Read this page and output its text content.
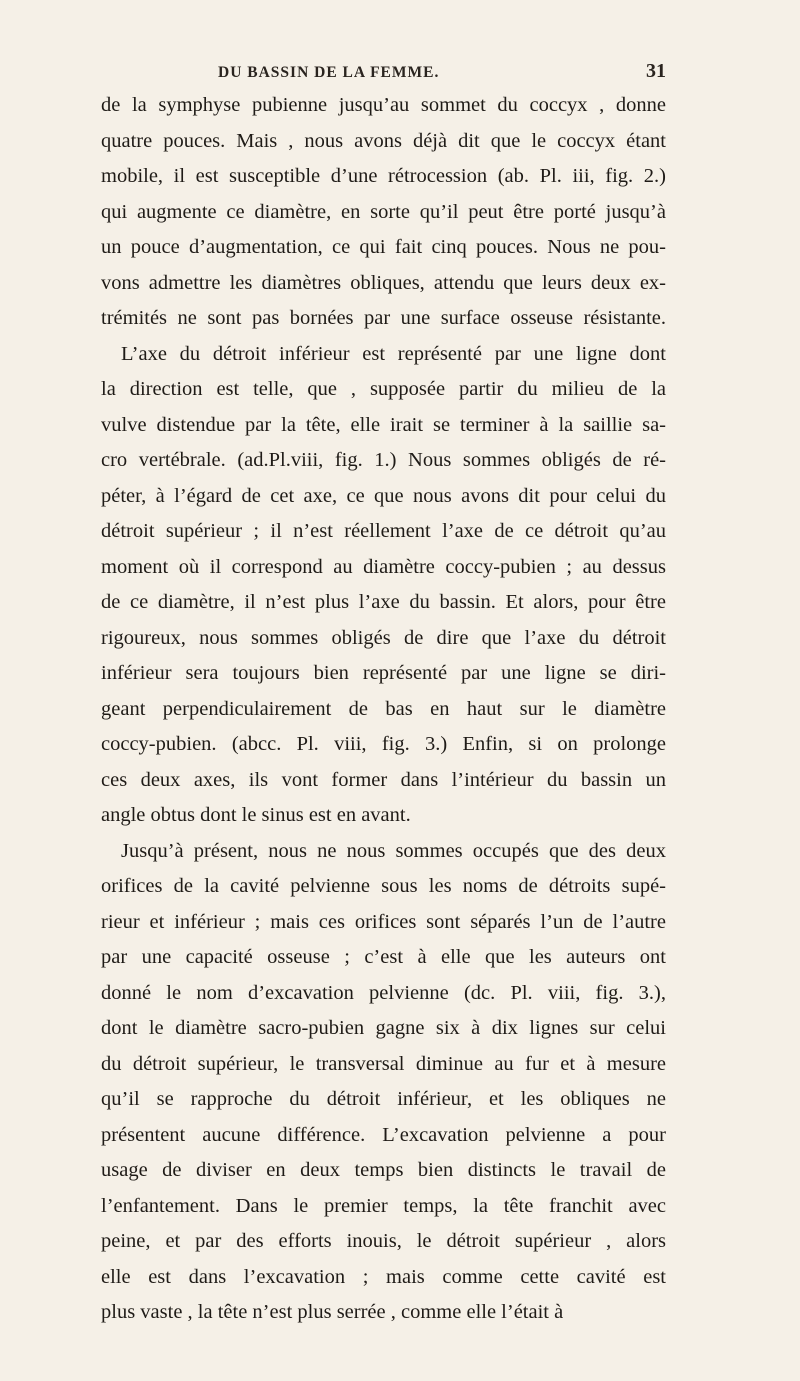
DU BASSIN DE LA FEMME.	31
de la symphyse pubienne jusqu’au sommet du coccyx , donne
quatre pouces. Mais , nous avons déjà dit que le coccyx étant
mobile, il est susceptible d’une rétrocession (ab. Pl. iii, fig. 2.)
qui augmente ce diamètre, en sorte qu’il peut être porté jusqu’à
un pouce d’augmentation, ce qui fait cinq pouces. Nous ne pou-
vons admettre les diamètres obliques, attendu que leurs deux ex-
trémités ne sont pas bornées par une surface osseuse résistante.
L’axe du détroit inférieur est représenté par une ligne dont
la direction est telle, que , supposée partir du milieu de la
vulve distendue par la tête, elle irait se terminer à la saillie sa-
cro vertébrale. (ad.Pl.viii, fig. 1.) Nous sommes obligés de ré-
péter, à l’égard de cet axe, ce que nous avons dit pour celui du
détroit supérieur ; il n’est réellement l’axe de ce détroit qu’au
moment où il correspond au diamètre coccy-pubien ; au dessus
de ce diamètre, il n’est plus l’axe du bassin. Et alors, pour être
rigoureux, nous sommes obligés de dire que l’axe du détroit
inférieur sera toujours bien représenté par une ligne se diri-
geant perpendiculairement de bas en haut sur le diamètre
coccy-pubien. (abcc. Pl. viii, fig. 3.) Enfin, si on prolonge
ces deux axes, ils vont former dans l’intérieur du bassin un
angle obtus dont le sinus est en avant.
Jusqu’à présent, nous ne nous sommes occupés que des deux
orifices de la cavité pelvienne sous les noms de détroits supé-
rieur et inférieur ; mais ces orifices sont séparés l’un de l’autre
par une capacité osseuse ; c’est à elle que les auteurs ont
donné le nom d’excavation pelvienne (dc. Pl. viii, fig. 3.),
dont le diamètre sacro-pubien gagne six à dix lignes sur celui
du détroit supérieur, le transversal diminue au fur et à mesure
qu’il se rapproche du détroit inférieur, et les obliques ne
présentent aucune différence. L’excavation pelvienne a pour
usage de diviser en deux temps bien distincts le travail de
l’enfantement. Dans le premier temps, la tête franchit avec
peine, et par des efforts inouis, le détroit supérieur , alors
elle est dans l’excavation ; mais comme cette cavité est
plus vaste , la tête n’est plus serrée , comme elle l’était à
